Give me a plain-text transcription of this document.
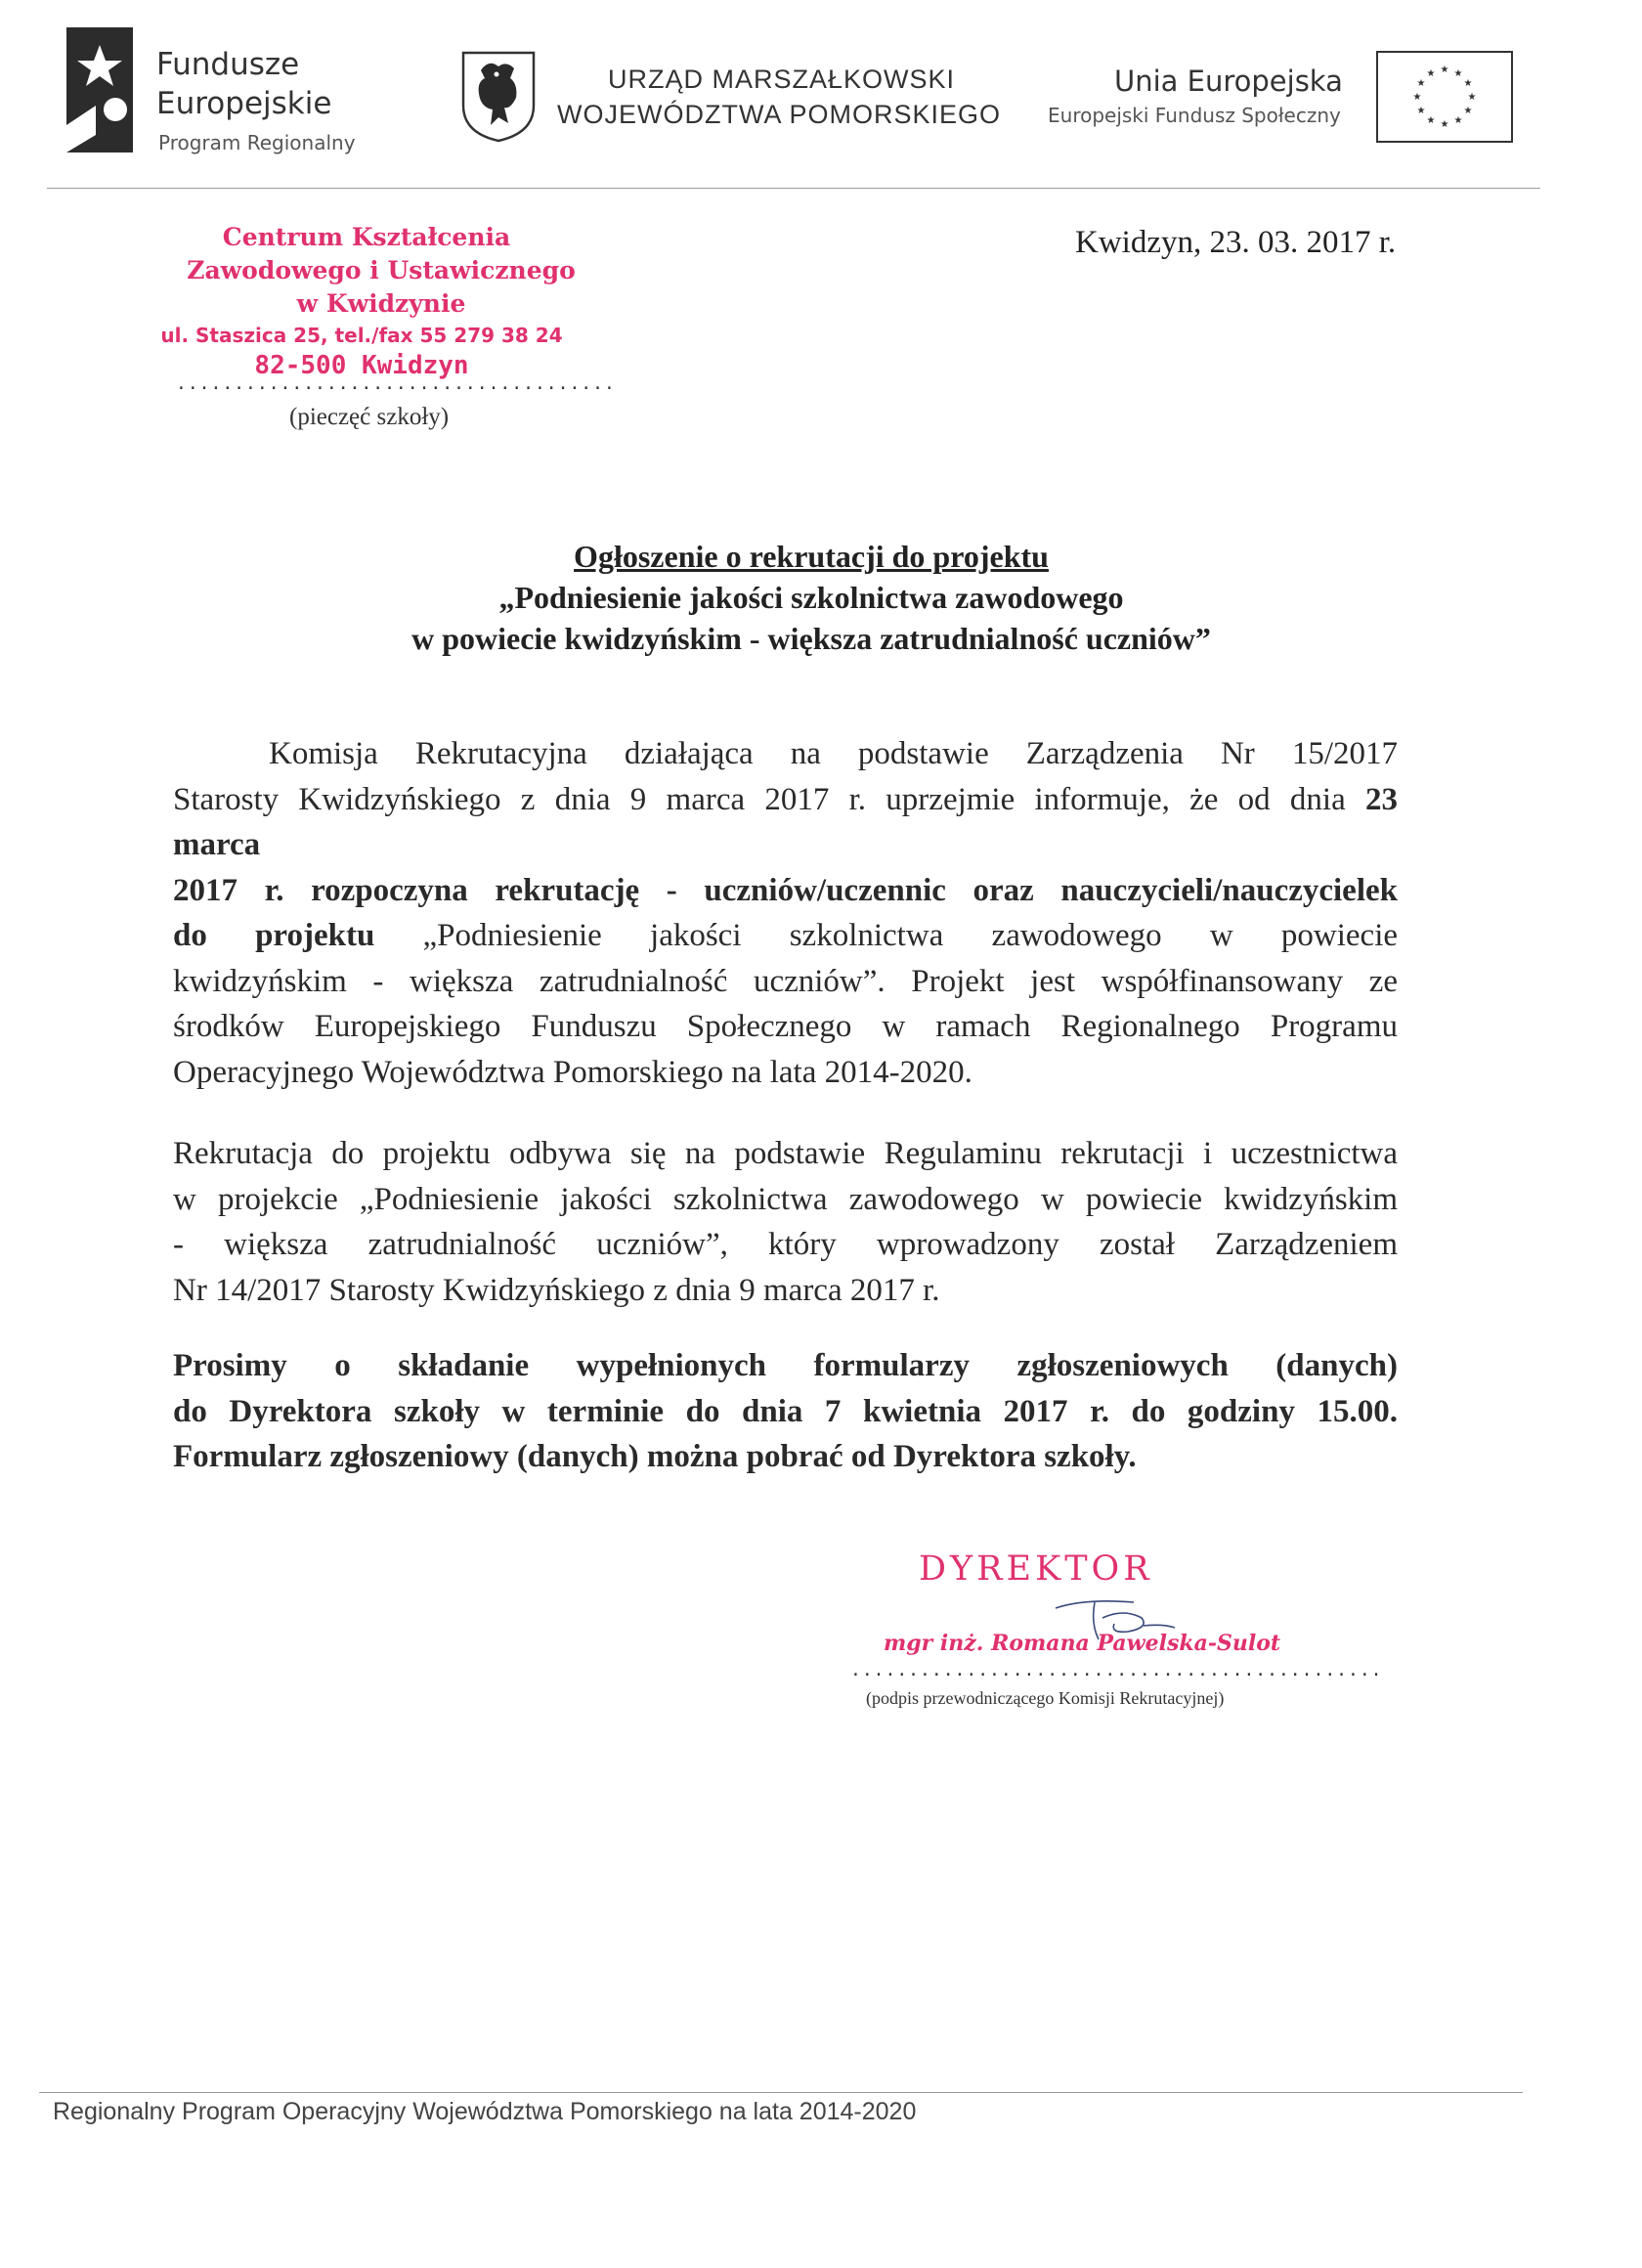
Fundusze
Europejskie
Program Regionalny
URZĄD MARSZAŁKOWSKI
WOJEWÓDZTWA POMORSKIEGO
Unia Europejska
Europejski Fundusz Społeczny
★ ★
★
★
★
★
★
★
★
★
★
★
Centrum Kształcenia
Zawodowego i Ustawicznego
w Kwidzynie
ul. Staszica 25, tel./fax 55 279 38 24
82-500 Kwidzyn
......................................
(pieczęć szkoły)
Kwidzyn, 23. 03. 2017 r.
Ogłoszenie o rekrutacji do projektu
„Podniesienie jakości szkolnictwa zawodowego
w powiecie kwidzyńskim - większa zatrudnialność uczniów”
Komisja Rekrutacyjna działająca na podstawie Zarządzenia Nr 15/2017
Starosty Kwidzyńskiego z dnia 9 marca 2017 r. uprzejmie informuje, że od dnia 23
marca
2017 r. rozpoczyna rekrutację - uczniów/uczennic oraz nauczycieli/nauczycielek
do projektu „Podniesienie jakości szkolnictwa zawodowego w powiecie
kwidzyńskim - większa zatrudnialność uczniów”. Projekt jest współfinansowany ze
środków Europejskiego Funduszu Społecznego w ramach Regionalnego Programu
Operacyjnego Województwa Pomorskiego na lata 2014-2020.
Rekrutacja do projektu odbywa się na podstawie Regulaminu rekrutacji i uczestnictwa
w projekcie „Podniesienie jakości szkolnictwa zawodowego w powiecie kwidzyńskim
- większa zatrudnialność uczniów”, który wprowadzony został Zarządzeniem
Nr 14/2017 Starosty Kwidzyńskiego z dnia 9 marca 2017 r.
Prosimy o składanie wypełnionych formularzy zgłoszeniowych (danych)
do Dyrektora szkoły w terminie do dnia 7 kwietnia 2017 r. do godziny 15.00.
Formularz zgłoszeniowy (danych) można pobrać od Dyrektora szkoły.
DYREKTOR
mgr inż. Romana Pawelska-Sulot
..............................................
(podpis przewodniczącego Komisji Rekrutacyjnej)
Regionalny Program Operacyjny Województwa Pomorskiego na lata 2014-2020
